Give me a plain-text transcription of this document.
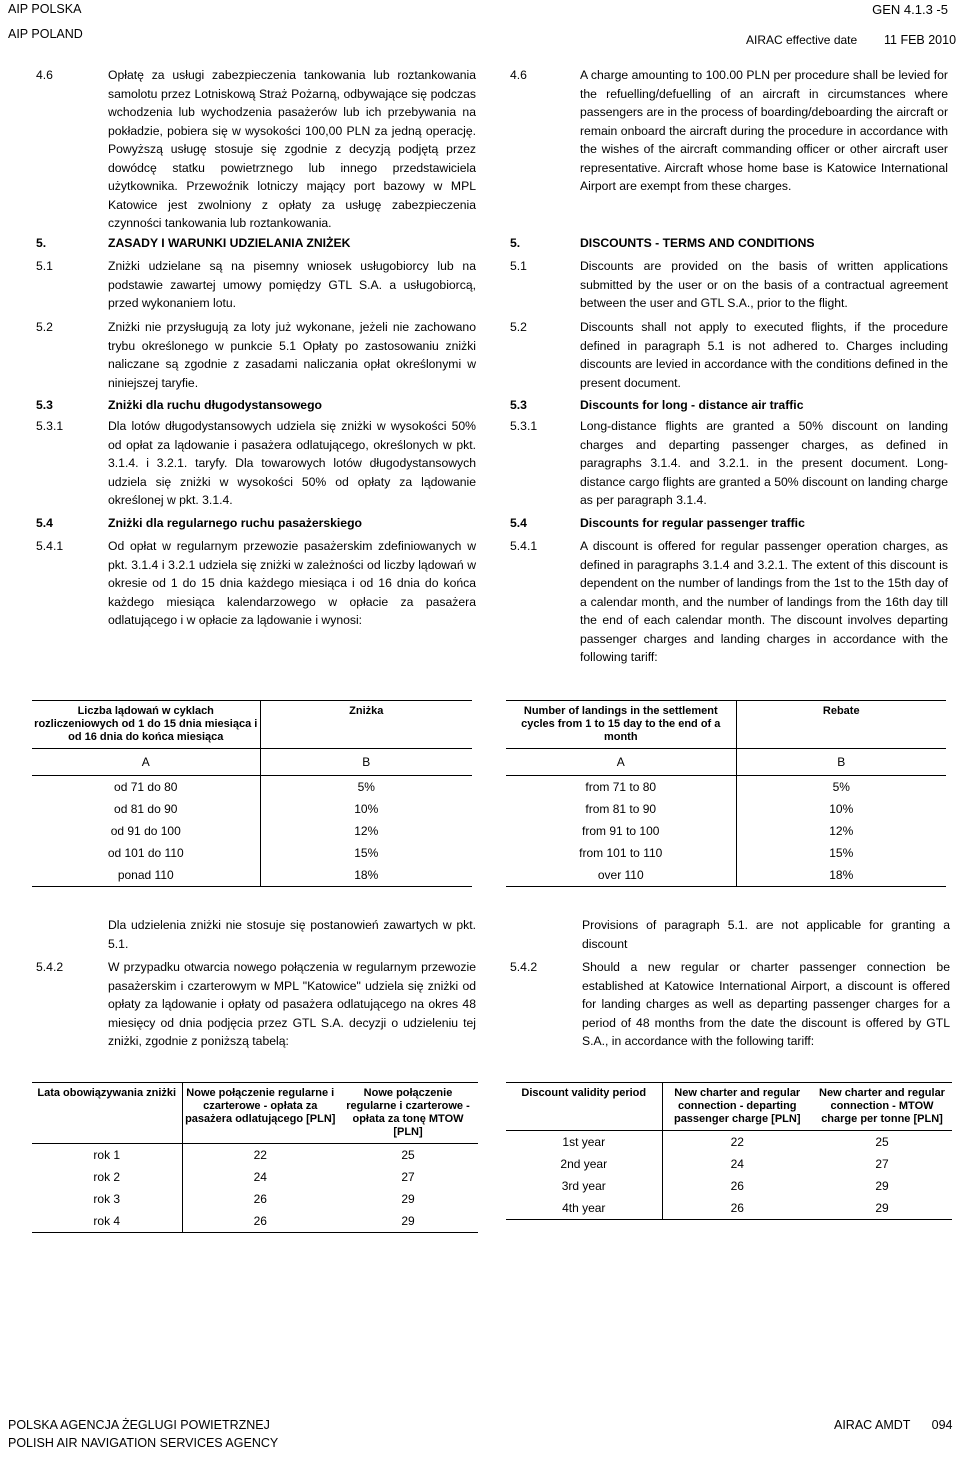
AIP POLSKA
AIP POLAND
GEN 4.1.3 -5
AIRAC effective date 11 FEB 2010
4.6	Opłatę za usługi zabezpieczenia tankowania lub roztankowania samolotu przez Lotniskową Straż Pożarną, odbywające się podczas wchodzenia lub wychodzenia pasażerów lub ich przebywania na pokładzie, pobiera się w wysokości 100,00 PLN za jedną operację. Powyższą usługę stosuje się zgodnie z decyzją podjętą przez dowódcę statku powietrznego lub innego przedstawiciela użytkownika. Przewoźnik lotniczy mający port bazowy w MPL Katowice jest zwolniony z opłaty za usługę zabezpieczenia czynności tankowania lub roztankowania.
5.	ZASADY I WARUNKI UDZIELANIA ZNIŻEK
5.1	Zniżki udzielane są na pisemny wniosek usługobiorcy lub na podstawie zawartej umowy pomiędzy GTL S.A. a usługobiorcą, przed wykonaniem lotu.
5.2	Zniżki nie przysługują za loty już wykonane, jeżeli nie zachowano trybu określonego w punkcie 5.1 Opłaty po zastosowaniu zniżki naliczane są zgodnie z zasadami naliczania opłat określonymi w niniejszej taryfie.
5.3	Zniżki dla ruchu długodystansowego
5.3.1	Dla lotów długodystansowych udziela się zniżki w wysokości 50% od opłat za lądowanie i pasażera odlatującego, określonych w pkt. 3.1.4. i 3.2.1. taryfy. Dla towarowych lotów długodystansowych udziela się zniżki w wysokości 50% od opłaty za lądowanie określonej w pkt. 3.1.4.
5.4	Zniżki dla regularnego ruchu pasażerskiego
5.4.1	Od opłat w regularnym przewozie pasażerskim zdefiniowanych w pkt. 3.1.4 i 3.2.1 udziela się zniżki w zależności od liczby lądowań w okresie od 1 do 15 dnia każdego miesiąca i od 16 dnia do końca każdego miesiąca kalendarzowego w opłacie za pasażera odlatującego i w opłacie za lądowanie i wynosi:
4.6	A charge amounting to 100.00 PLN per procedure shall be levied for the refuelling/defuelling of an aircraft in circumstances where passengers are in the process of boarding/deboarding the aircraft or remain onboard the aircraft during the procedure in accordance with the wishes of the aircraft commanding officer or other aircraft user representative. Aircraft whose home base is Katowice International Airport are exempt from these charges.
5.	DISCOUNTS - TERMS AND CONDITIONS
5.1	Discounts are provided on the basis of written applications submitted by the user or on the basis of a contractual agreement between the user and GTL S.A., prior to the flight.
5.2	Discounts shall not apply to executed flights, if the procedure defined in paragraph 5.1 is not adhered to. Charges including discounts are levied in accordance with the conditions defined in the present document.
5.3	Discounts for long - distance air traffic
5.3.1	Long-distance flights are granted a 50% discount on landing charges and departing passenger charges, as defined in paragraphs 3.1.4. and 3.2.1. in the present document. Long-distance cargo flights are granted a 50% discount on landing charge as per paragraph 3.1.4.
5.4	Discounts for regular passenger traffic
5.4.1	A discount is offered for regular passenger operation charges, as defined in paragraphs 3.1.4 and 3.2.1. The extent of this discount is dependent on the number of landings from the 1st to the 15th day of a calendar month, and the number of landings from the 16th day till the end of each calendar month. The discount involves departing passenger charges and landing charges in accordance with the following tariff:
Liczba lądowań w cyklach rozliczeniowych od 1 do 15 dnia miesiąca i od 16 dnia do końca miesiąca	Zniżka
A	B
od 71 do 80	5%
od 81 do 90	10%
od 91 do 100	12%
od 101 do 110	15%
ponad 110	18%
Number of landings in the settlement cycles from 1 to 15 day to the end of a month	Rebate
A	B
from 71 to 80	5%
from 81 to 90	10%
from 91 to 100	12%
from 101 to 110	15%
over 110	18%
Dla udzielenia zniżki nie stosuje się postanowień zawartych w pkt. 5.1.
5.4.2	W przypadku otwarcia nowego połączenia w regularnym przewozie pasażerskim i czarterowym w MPL "Katowice" udziela się zniżki od opłaty za lądowanie i opłaty od pasażera odlatującego na okres 48 miesięcy od dnia podjęcia przez GTL S.A. decyzji o udzieleniu tej zniżki, zgodnie z poniższą tabelą:
Provisions of paragraph 5.1. are not applicable for granting a discount
5.4.2	Should a new regular or charter passenger connection be established at Katowice International Airport, a discount is offered for landing charges as well as departing passenger charges for a period of 48 months from the date the discount is offered by GTL S.A., in accordance with the following tariff:
Lata obowiązywania zniżki	Nowe połączenie regularne i czarterowe - opłata za pasażera odlatującego [PLN]	Nowe połączenie regularne i czarterowe - opłata za tonę MTOW [PLN]
rok 1	22	25
rok 2	24	27
rok 3	26	29
rok 4	26	29
Discount validity period	New charter and regular connection - departing passenger charge [PLN]	New charter and regular connection - MTOW charge per tonne [PLN]
1st year	22	25
2nd year	24	27
3rd year	26	29
4th year	26	29
POLSKA AGENCJA ŻEGLUGI POWIETRZNEJ
POLISH AIR NAVIGATION SERVICES AGENCY
AIRAC AMDT 094
